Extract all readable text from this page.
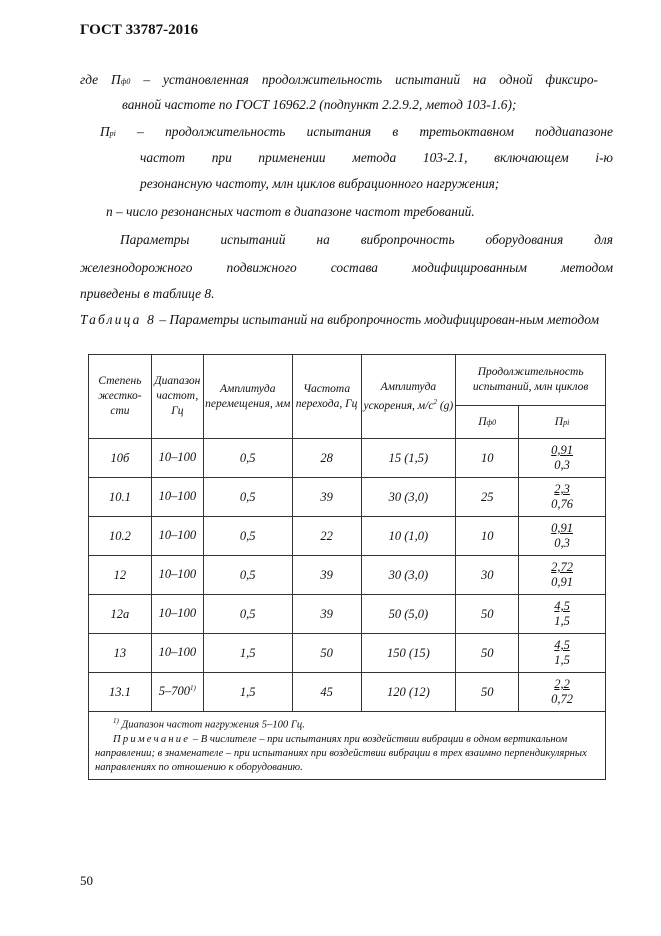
ГОСТ 33787-2016
где Пф0 – установленная продолжительность испытаний на одной фиксиро-
ванной частоте по ГОСТ 16962.2 (подпункт 2.2.9.2, метод 103-1.6);
Прi – продолжительность испытания в третьоктавном поддиапазоне
частот при применении метода 103-2.1, включающем i-ю
резонансную частоту, млн циклов вибрационного нагружения;
n – число резонансных частот в диапазоне частот требований.
Параметры испытаний на вибропрочность оборудования для
железнодорожного подвижного состава модифицированным методом
приведены в таблице 8.
Таблица 8 – Параметры испытаний на вибропрочность модифицирован-ным методом
Степень жестко-сти	Диапазон частот, Гц	Амплитуда перемещения, мм	Частота перехода, Гц	Амплитуда ускорения, $м/с^2$ (g)	Продолжительность испытаний, млн циклов	
					Пф0	Прi
10б	10–100	0,5	28	15 (1,5)	10	$\frac{0,91}{0,3}$

10.1	10–100	0,5	39	30 (3,0)	25	$\frac{2,3}{0,76}$

10.2	10–100	0,5	22	10 (1,0)	10	$\frac{0,91}{0,3}$

12	10–100	0,5	39	30 (3,0)	30	$\frac{2,72}{0,91}$

12а	10–100	0,5	39	50 (5,0)	50	$\frac{4,5}{1,5}$

13	10–100	1,5	50	150 (15)	50	$\frac{4,5}{1,5}$

13.1	5–700$^{1)}$	1,5	45	120 (12)	50	$\frac{2,2}{0,72}$

$^{1)}$ Диапазон частот нагружения 5–100 Гц.
Примечание – В числителе – при испытаниях при воздействии вибрации в одном вертикальном направлении; в знаменателе – при испытаниях при воздействии вибрации в трех взаимно перпендикулярных направлениях по отношению к оборудованию.						
50
